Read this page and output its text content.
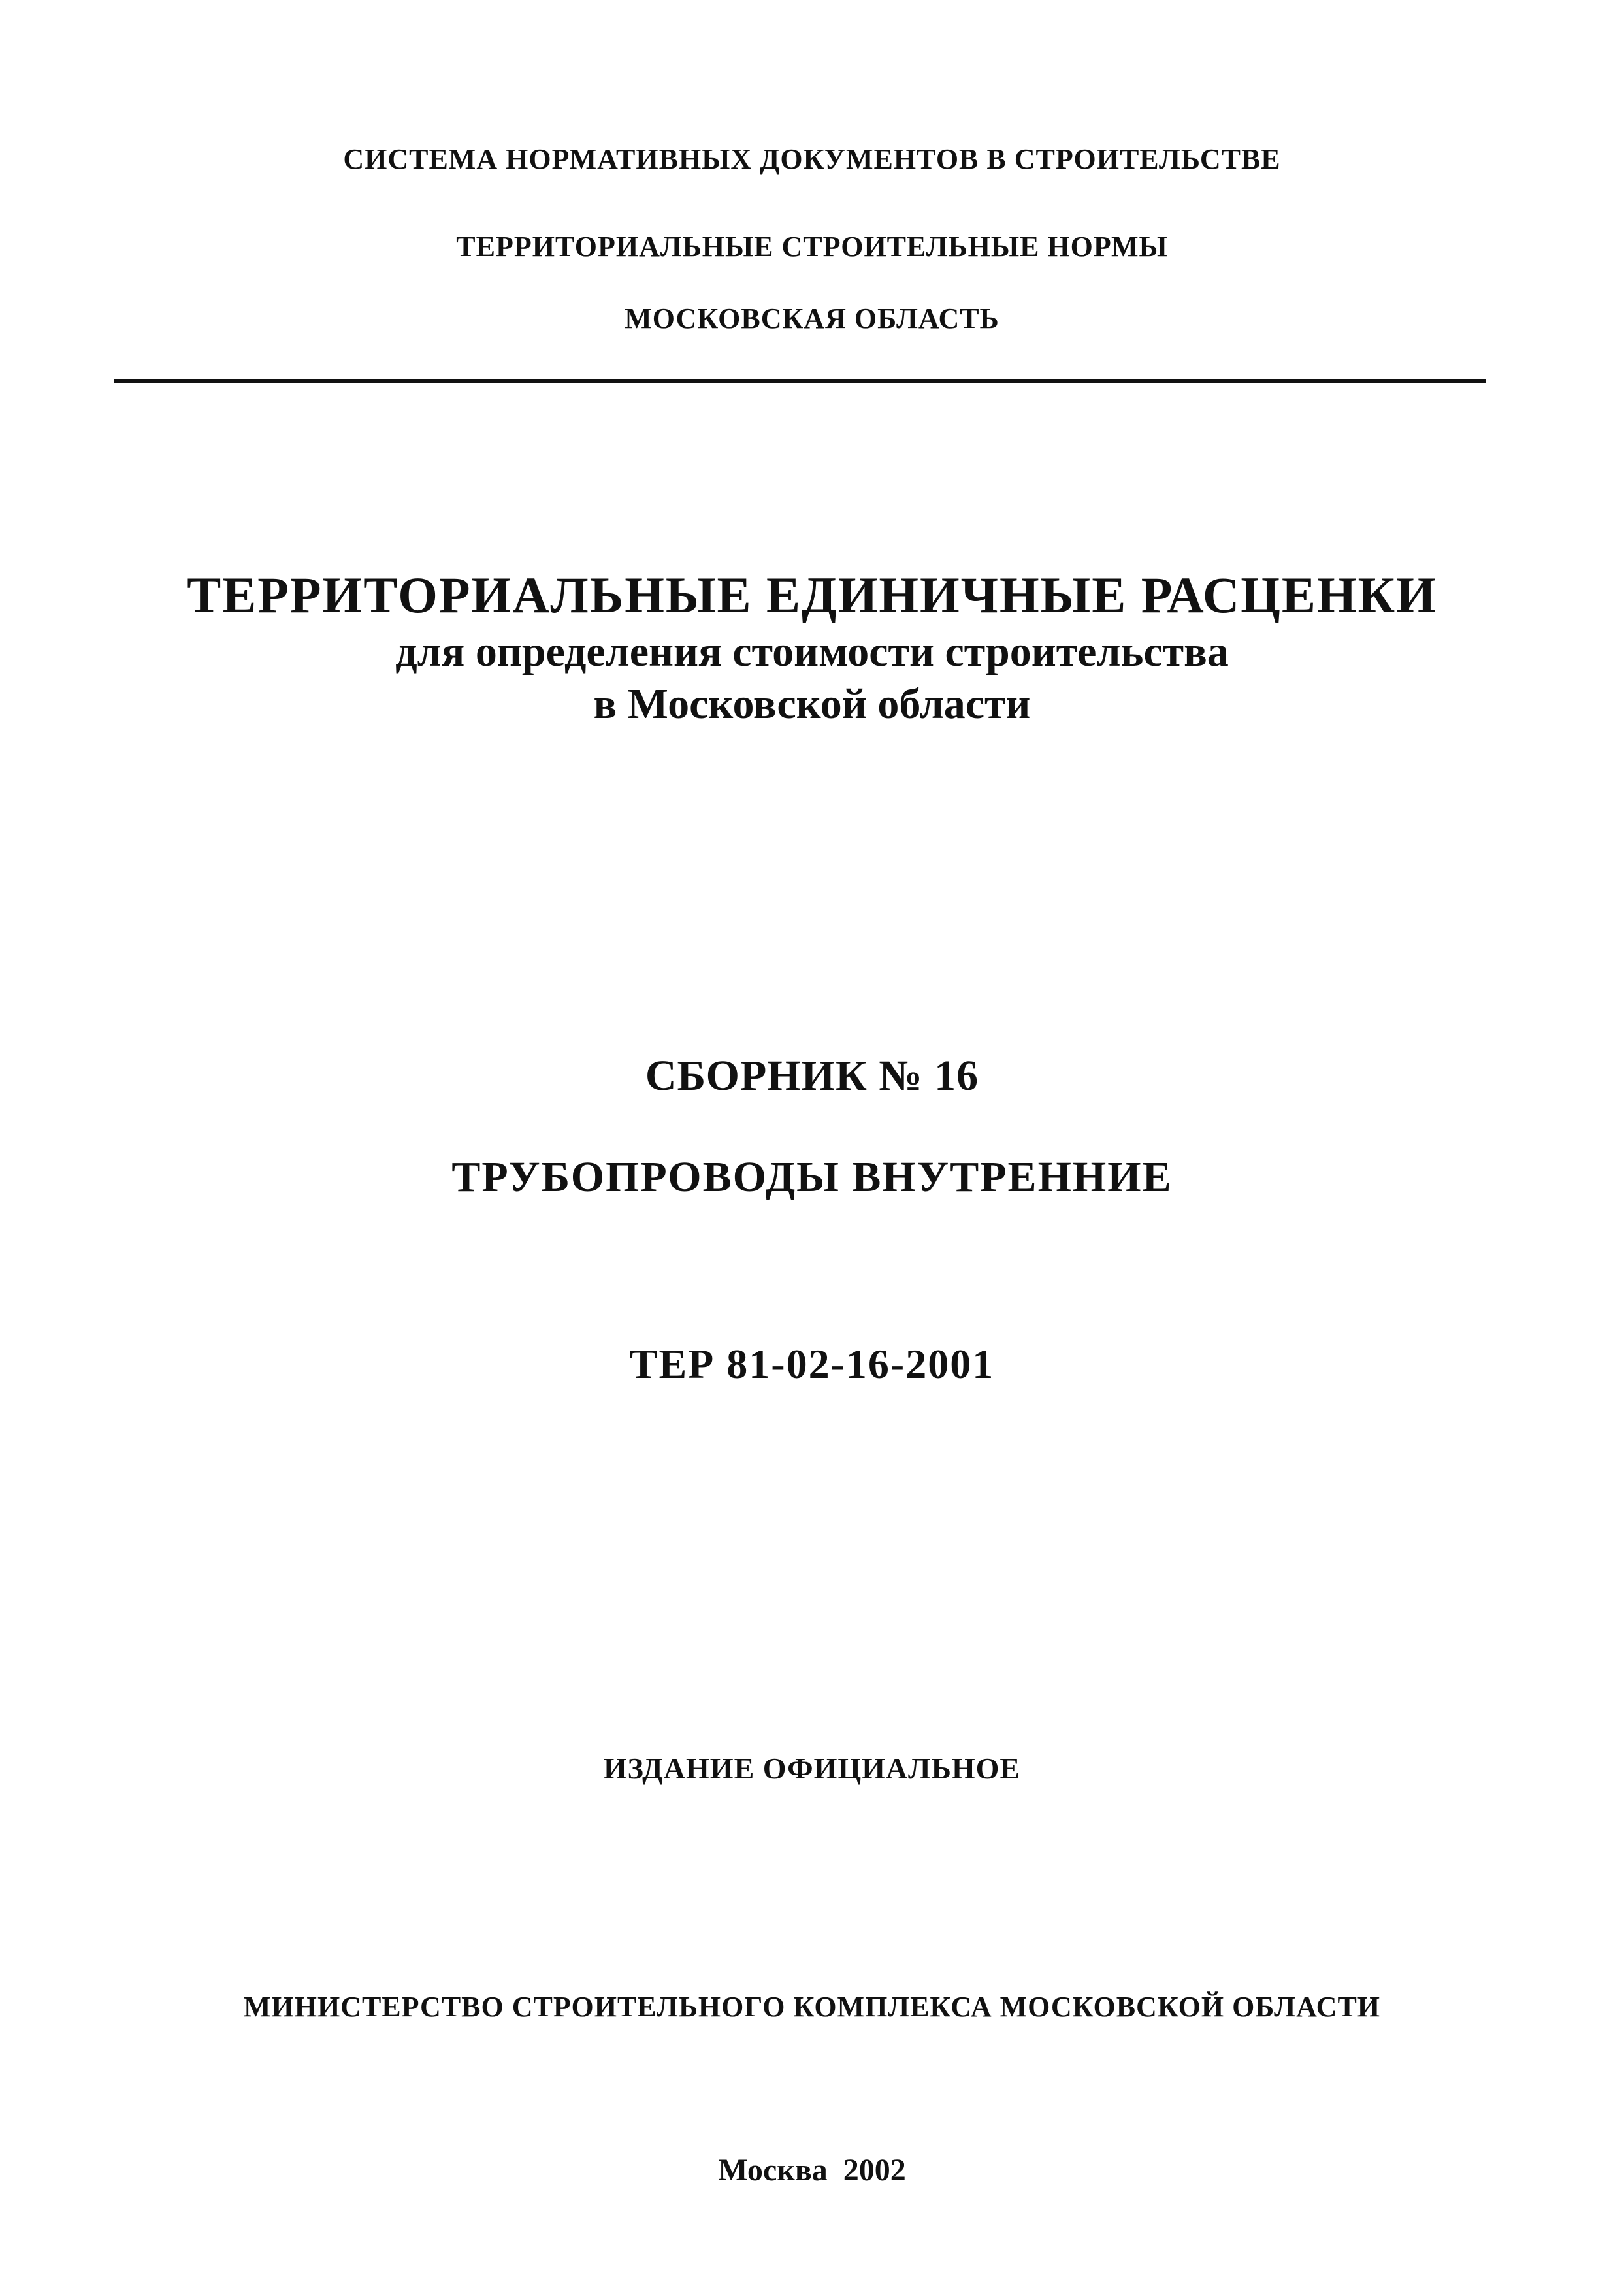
СИСТЕМА НОРМАТИВНЫХ ДОКУМЕНТОВ В СТРОИТЕЛЬСТВЕ
ТЕРРИТОРИАЛЬНЫЕ СТРОИТЕЛЬНЫЕ НОРМЫ
МОСКОВСКАЯ ОБЛАСТЬ
ТЕРРИТОРИАЛЬНЫЕ ЕДИНИЧНЫЕ РАСЦЕНКИ
для определения стоимости строительства
в Московской области
СБОРНИК № 16
ТРУБОПРОВОДЫ ВНУТРЕННИЕ
ТЕР 81-02-16-2001
ИЗДАНИЕ ОФИЦИАЛЬНОЕ
МИНИСТЕРСТВО СТРОИТЕЛЬНОГО КОМПЛЕКСА МОСКОВСКОЙ ОБЛАСТИ
Москва  2002
